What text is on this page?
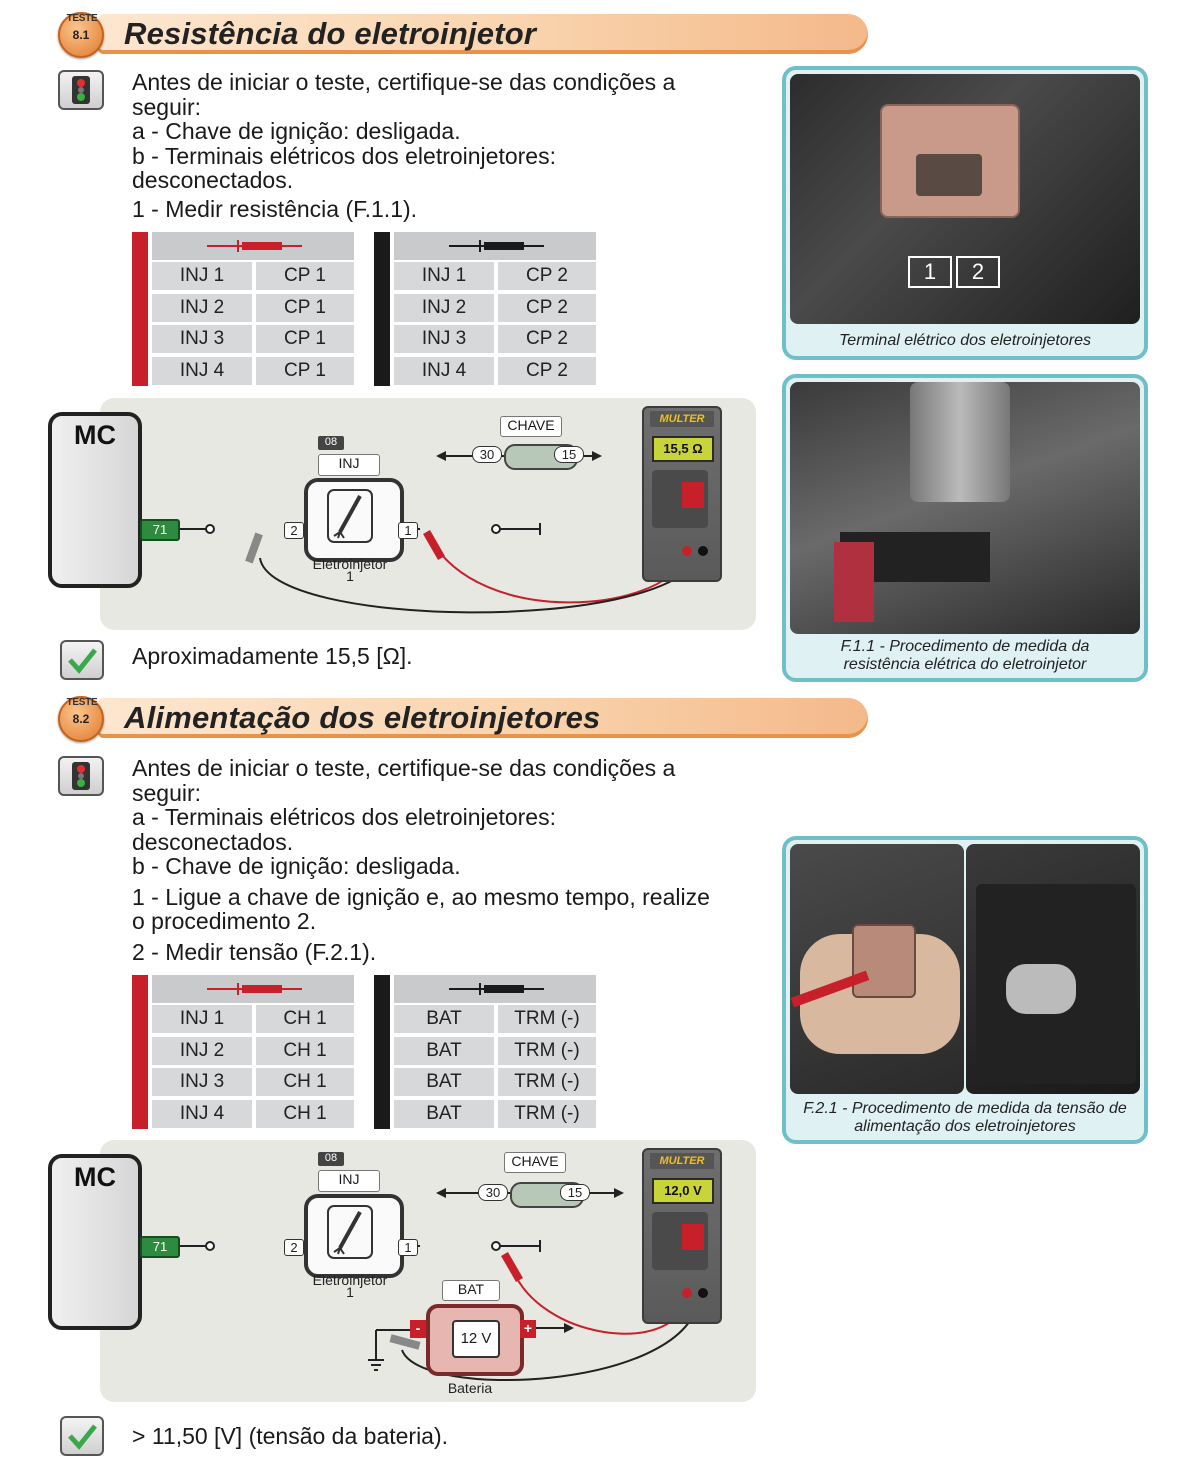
TESTE
8.1	Resistência do eletroinjetor
Antes de iniciar o teste, certifique-se das condições a
seguir:
a - Chave de ignição: desligada.
b - Terminais elétricos dos eletroinjetores:
desconectados.
1 - Medir resistência (F.1.1).
INJ 1	CP 1
INJ 2	CP 1
INJ 3	CP 1
INJ 4	CP 1
INJ 1	CP 2
INJ 2	CP 2
INJ 3	CP 2
INJ 4	CP 2
MC
71
08
INJ
2	1
Eletroinjetor
1
CHAVE
30	15
MULTER
15,5 Ω
Aproximadamente 15,5 [Ω].
1	2
Terminal elétrico dos eletroinjetores
F.1.1 - Procedimento de medida da resistência elétrica do eletroinjetor
TESTE
8.2	Alimentação dos eletroinjetores
Antes de iniciar o teste, certifique-se das condições a
seguir:
a - Terminais elétricos dos eletroinjetores:
desconectados.
b - Chave de ignição: desligada.
1 - Ligue a chave de ignição e, ao mesmo tempo, realize
o procedimento 2.
2 - Medir tensão (F.2.1).
INJ 1	CH 1
INJ 2	CH 1
INJ 3	CH 1
INJ 4	CH 1
BAT	TRM (-)
BAT	TRM (-)
BAT	TRM (-)
BAT	TRM (-)
MC
71
08
INJ
2	1
Eletroinjetor
1
CHAVE
30	15
BAT
12 V
-	+
Bateria
MULTER
12,0 V
> 11,50 [V] (tensão da bateria).
F.2.1 - Procedimento de medida da tensão de alimentação dos eletroinjetores
